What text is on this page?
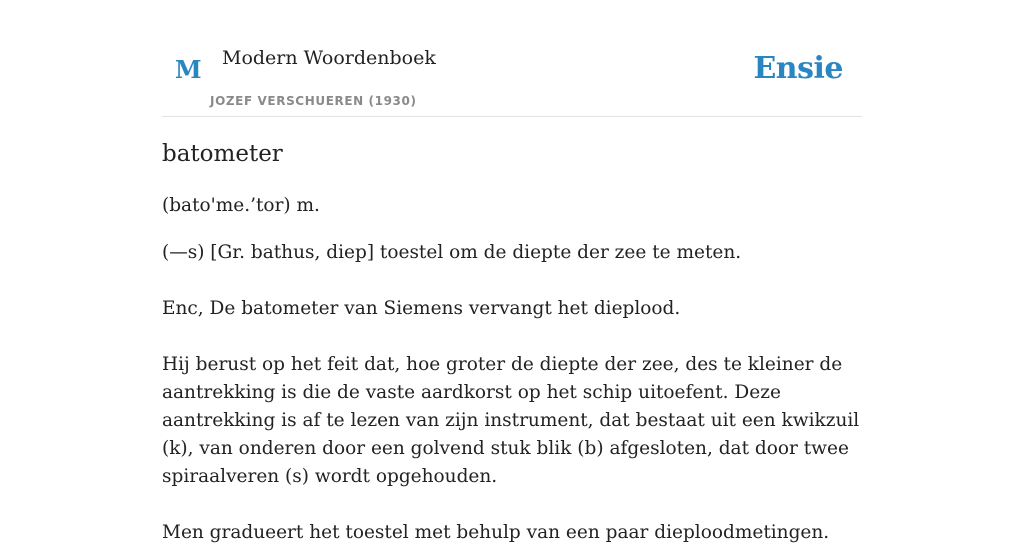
M Modern Woordenboek
JOZEF VERSCHUEREN (1930)
Ensie
batometer

(bato'me.’tor) m.

(—s) [Gr. bathus, diep] toestel om de diepte der zee te meten.

Enc, De batometer van Siemens vervangt het dieplood.

Hij berust op het feit dat, hoe groter de diepte der zee, des te kleiner de aantrekking is die de vaste aardkorst op het schip uitoefent. Deze aantrekking is af te lezen van zijn instrument, dat bestaat uit een kwikzuil (k), van onderen door een golvend stuk blik (b) afgesloten, dat door twee spiraalveren (s) wordt opgehouden.

Men gradueert het toestel met behulp van een paar dieploodmetingen.
